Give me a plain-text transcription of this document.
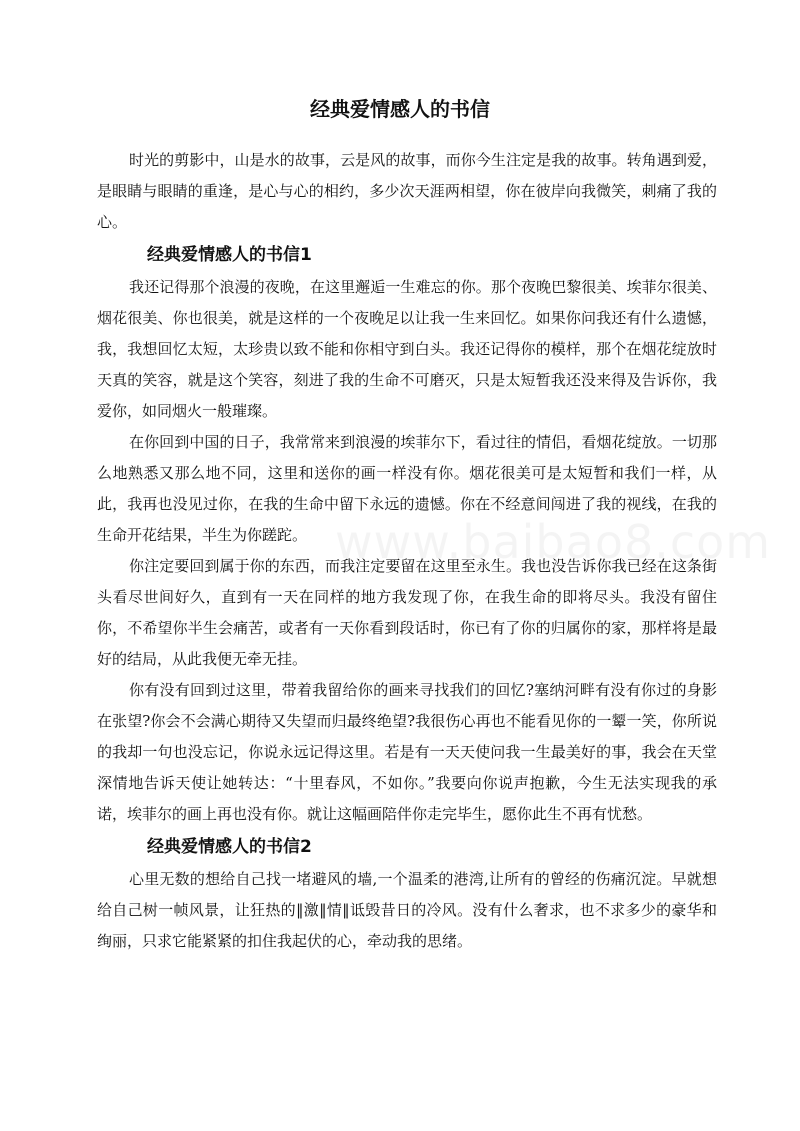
经典爱情感人的书信

时光的剪影中，山是水的故事，云是风的故事，而你今生注定是我的故事。转角遇到爱，是眼睛与眼睛的重逢，是心与心的相约，多少次天涯两相望，你在彼岸向我微笑，刺痛了我的心。

经典爱情感人的书信1

我还记得那个浪漫的夜晚，在这里邂逅一生难忘的你。那个夜晚巴黎很美、埃菲尔很美、烟花很美、你也很美，就是这样的一个夜晚足以让我一生来回忆。如果你问我还有什么遗憾，我，我想回忆太短，太珍贵以致不能和你相守到白头。我还记得你的模样，那个在烟花绽放时天真的笑容，就是这个笑容，刻进了我的生命不可磨灭，只是太短暂我还没来得及告诉你，我爱你，如同烟火一般璀璨。

在你回到中国的日子，我常常来到浪漫的埃菲尔下，看过往的情侣，看烟花绽放。一切那么地熟悉又那么地不同，这里和送你的画一样没有你。烟花很美可是太短暂和我们一样，从此，我再也没见过你，在我的生命中留下永远的遗憾。你在不经意间闯进了我的视线，在我的生命开花结果，半生为你蹉跎。

你注定要回到属于你的东西，而我注定要留在这里至永生。我也没告诉你我已经在这条街头看尽世间好久，直到有一天在同样的地方我发现了你，在我生命的即将尽头。我没有留住你，不希望你半生会痛苦，或者有一天你看到段话时，你已有了你的归属你的家，那样将是最好的结局，从此我便无牵无挂。

你有没有回到过这里，带着我留给你的画来寻找我们的回忆?塞纳河畔有没有你过的身影在张望?你会不会满心期待又失望而归最终绝望?我很伤心再也不能看见你的一颦一笑，你所说的我却一句也没忘记，你说永远记得这里。若是有一天天使问我一生最美好的事，我会在天堂深情地告诉天使让她转达：“十里春风，不如你。”我要向你说声抱歉，今生无法实现我的承诺，埃菲尔的画上再也没有你。就让这幅画陪伴你走完毕生，愿你此生不再有忧愁。

经典爱情感人的书信2

心里无数的想给自己找一堵避风的墙,一个温柔的港湾,让所有的曾经的伤痛沉淀。早就想给自己树一帧风景，让狂热的‖激‖情‖诋毁昔日的冷风。没有什么奢求，也不求多少的豪华和绚丽，只求它能紧紧的扣住我起伏的心，牵动我的思绪。
